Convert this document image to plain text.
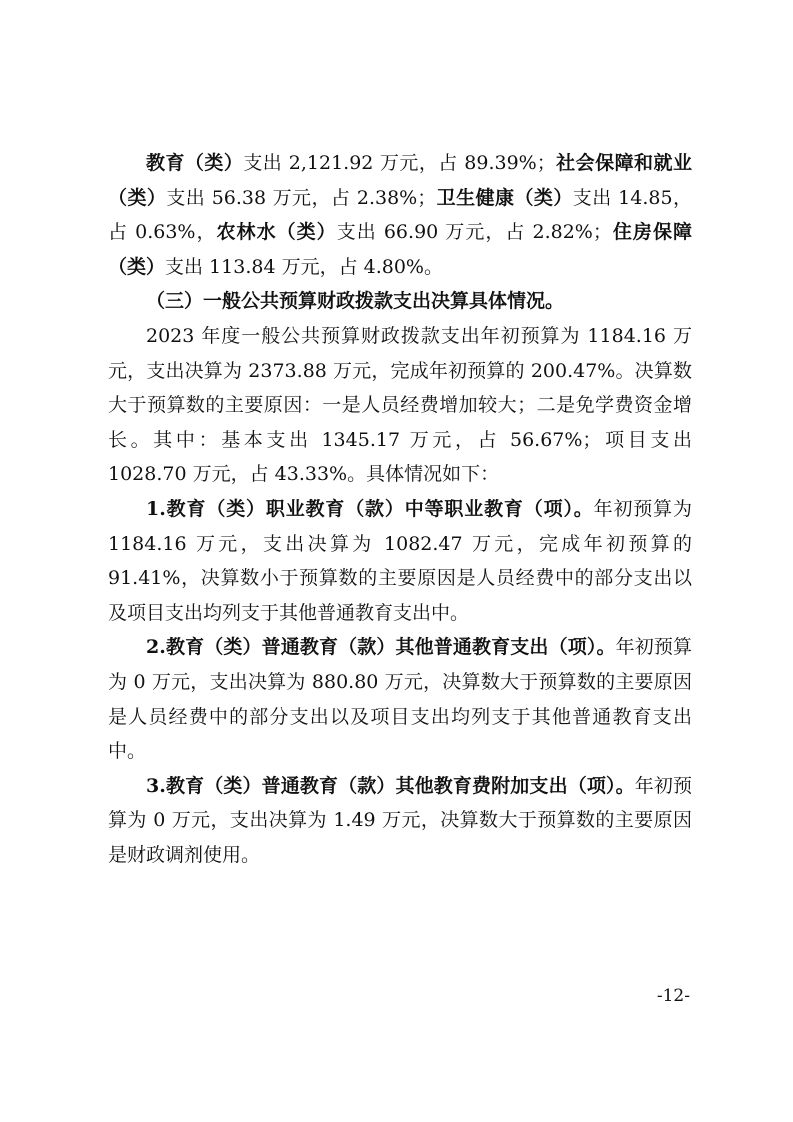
教育（类）支出 2,121.92 万元，占 89.39%；社会保障和就业（类）支出 56.38 万元，占 2.38%；卫生健康（类）支出 14.85，占 0.63%，农林水（类）支出 66.90 万元，占 2.82%；住房保障（类）支出 113.84 万元，占 4.80%。

（三）一般公共预算财政拨款支出决算具体情况。

2023 年度一般公共预算财政拨款支出年初预算为 1184.16 万元，支出决算为 2373.88 万元，完成年初预算的 200.47%。决算数大于预算数的主要原因：一是人员经费增加较大；二是免学费资金增长。其中：基本支出 1345.17 万元，占 56.67%；项目支出 1028.70 万元，占 43.33%。具体情况如下：

1.教育（类）职业教育（款）中等职业教育（项）。年初预算为 1184.16 万元，支出决算为 1082.47 万元，完成年初预算的 91.41%，决算数小于预算数的主要原因是人员经费中的部分支出以及项目支出均列支于其他普通教育支出中。

2.教育（类）普通教育（款）其他普通教育支出（项）。年初预算为 0 万元，支出决算为 880.80 万元，决算数大于预算数的主要原因是人员经费中的部分支出以及项目支出均列支于其他普通教育支出中。

3.教育（类）普通教育（款）其他教育费附加支出（项）。年初预算为 0 万元，支出决算为 1.49 万元，决算数大于预算数的主要原因是财政调剂使用。

-12-
